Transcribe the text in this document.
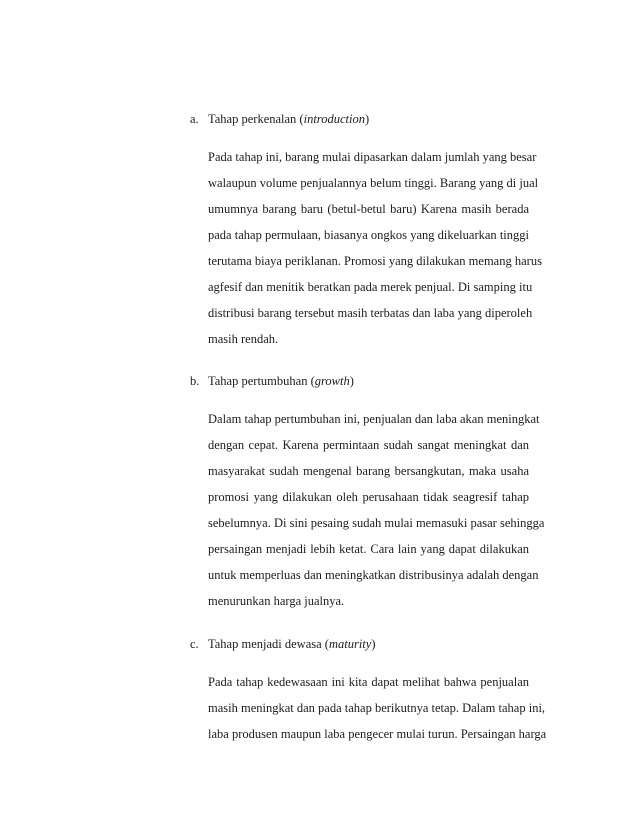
a. Tahap perkenalan (introduction)
Pada tahap ini, barang mulai dipasarkan dalam jumlah yang besar
walaupun volume penjualannya belum tinggi. Barang yang di jual
umumnya barang baru (betul-betul baru) Karena masih berada
pada tahap permulaan, biasanya ongkos yang dikeluarkan tinggi
terutama biaya periklanan. Promosi yang dilakukan memang harus
agfesif dan menitik beratkan pada merek penjual. Di samping itu
distribusi barang tersebut masih terbatas dan laba yang diperoleh
masih rendah.
b. Tahap pertumbuhan (growth)
Dalam tahap pertumbuhan ini, penjualan dan laba akan meningkat
dengan cepat. Karena permintaan sudah sangat meningkat dan
masyarakat sudah mengenal barang bersangkutan, maka usaha
promosi yang dilakukan oleh perusahaan tidak seagresif tahap
sebelumnya. Di sini pesaing sudah mulai memasuki pasar sehingga
persaingan menjadi lebih ketat. Cara lain yang dapat dilakukan
untuk memperluas dan meningkatkan distribusinya adalah dengan
menurunkan harga jualnya.
c. Tahap menjadi dewasa (maturity)
Pada tahap kedewasaan ini kita dapat melihat bahwa penjualan
masih meningkat dan pada tahap berikutnya tetap. Dalam tahap ini,
laba produsen maupun laba pengecer mulai turun. Persaingan harga
